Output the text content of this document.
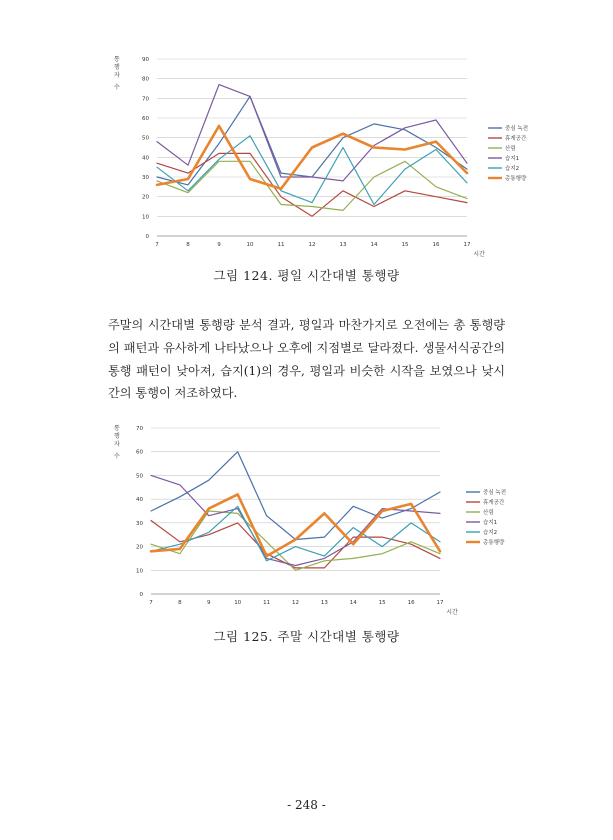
0
10
20
30
40
50
60
70
80
90
통 행 자 수
7	8	9	10	11	12	13	14	15	16	17
시간
중심 녹전
휴게공간
산림
습지1
습지2
총통행량
그림 124. 평일 시간대별 통행량
주말의 시간대별 통행량 분석 결과, 평일과 마찬가지로 오전에는 총 통행량의 패턴과 유사하게 나타났으나 오후에 지점별로 달라졌다. 생물서식공간의 통행 패턴이 낮아져, 습지(1)의 경우, 평일과 비슷한 시작을 보였으나 낮시간의 통행이 저조하였다.
0
10
20
30
40
50
60
70
통 행 자 수
7	8	9	10	11	12	13	14	15	16	17
시간
중심 녹전
휴게공간
산림
습지1
습지2
총통행량
그림 125. 주말 시간대별 통행량
- 248 -
